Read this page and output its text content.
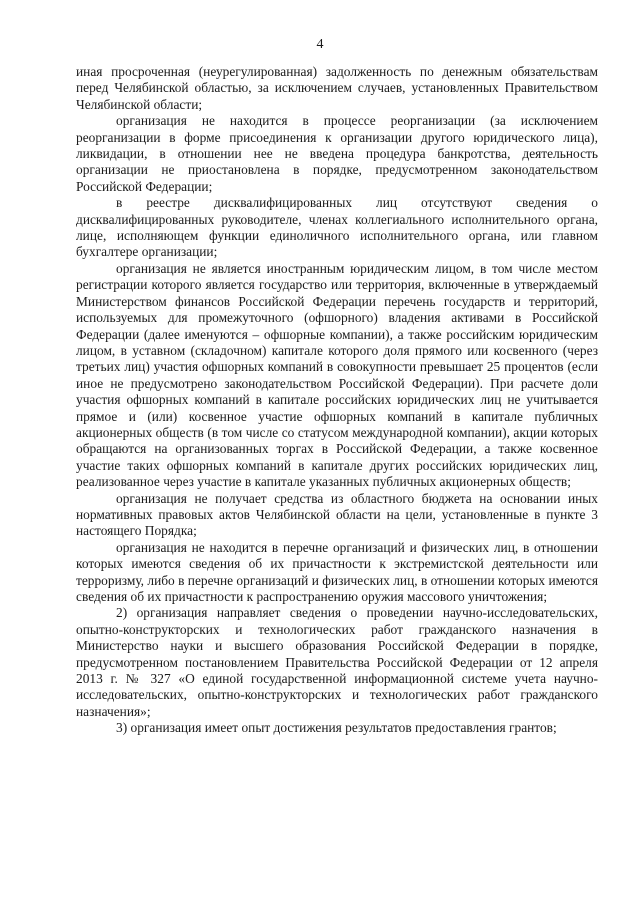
4

иная просроченная (неурегулированная) задолженность по денежным обязательствам перед Челябинской областью, за исключением случаев, установленных Правительством Челябинской области;

организация не находится в процессе реорганизации (за исключением реорганизации в форме присоединения к организации другого юридического лица), ликвидации, в отношении нее не введена процедура банкротства, деятельность организации не приостановлена в порядке, предусмотренном законодательством Российской Федерации;

в реестре дисквалифицированных лиц отсутствуют сведения о дисквалифицированных руководителе, членах коллегиального исполнительного органа, лице, исполняющем функции единоличного исполнительного органа, или главном бухгалтере организации;

организация не является иностранным юридическим лицом, в том числе местом регистрации которого является государство или территория, включенные в утверждаемый Министерством финансов Российской Федерации перечень государств и территорий, используемых для промежуточного (офшорного) владения активами в Российской Федерации (далее именуются – офшорные компании), а также российским юридическим лицом, в уставном (складочном) капитале которого доля прямого или косвенного (через третьих лиц) участия офшорных компаний в совокупности превышает 25 процентов (если иное не предусмотрено законодательством Российской Федерации). При расчете доли участия офшорных компаний в капитале российских юридических лиц не учитывается прямое и (или) косвенное участие офшорных компаний в капитале публичных акционерных обществ (в том числе со статусом международной компании), акции которых обращаются на организованных торгах в Российской Федерации, а также косвенное участие таких офшорных компаний в капитале других российских юридических лиц, реализованное через участие в капитале указанных публичных акционерных обществ;

организация не получает средства из областного бюджета на основании иных нормативных правовых актов Челябинской области на цели, установленные в пункте 3 настоящего Порядка;

организация не находится в перечне организаций и физических лиц, в отношении которых имеются сведения об их причастности к экстремистской деятельности или терроризму, либо в перечне организаций и физических лиц, в отношении которых имеются сведения об их причастности к распространению оружия массового уничтожения;

2) организация направляет сведения о проведении научно-исследовательских, опытно-конструкторских и технологических работ гражданского назначения в Министерство науки и высшего образования Российской Федерации в порядке, предусмотренном постановлением Правительства Российской Федерации от 12 апреля 2013 г. № 327 «О единой государственной информационной системе учета научно-исследовательских, опытно-конструкторских и технологических работ гражданского назначения»;

3) организация имеет опыт достижения результатов предоставления грантов;
